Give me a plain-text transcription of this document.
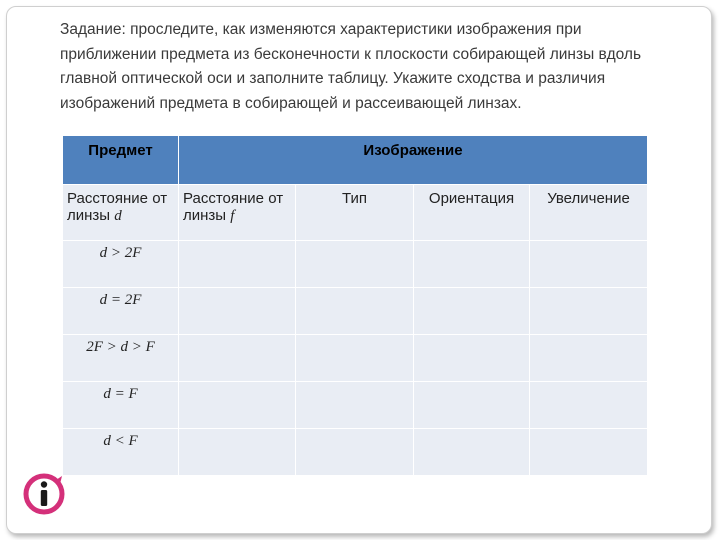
Задание: проследите, как изменяются характеристики изображения при приближении предмета из бесконечности к плоскости собирающей линзы вдоль главной оптической оси и заполните таблицу. Укажите сходства и различия изображений предмета в собирающей и рассеивающей линзах.

Предмет	Изображение			
Расстояние от линзы d	Расстояние от линзы f	Тип	Ориентация	Увеличение
d > 2F				
d = 2F				
2F > d > F				
d = F				
d < F				
